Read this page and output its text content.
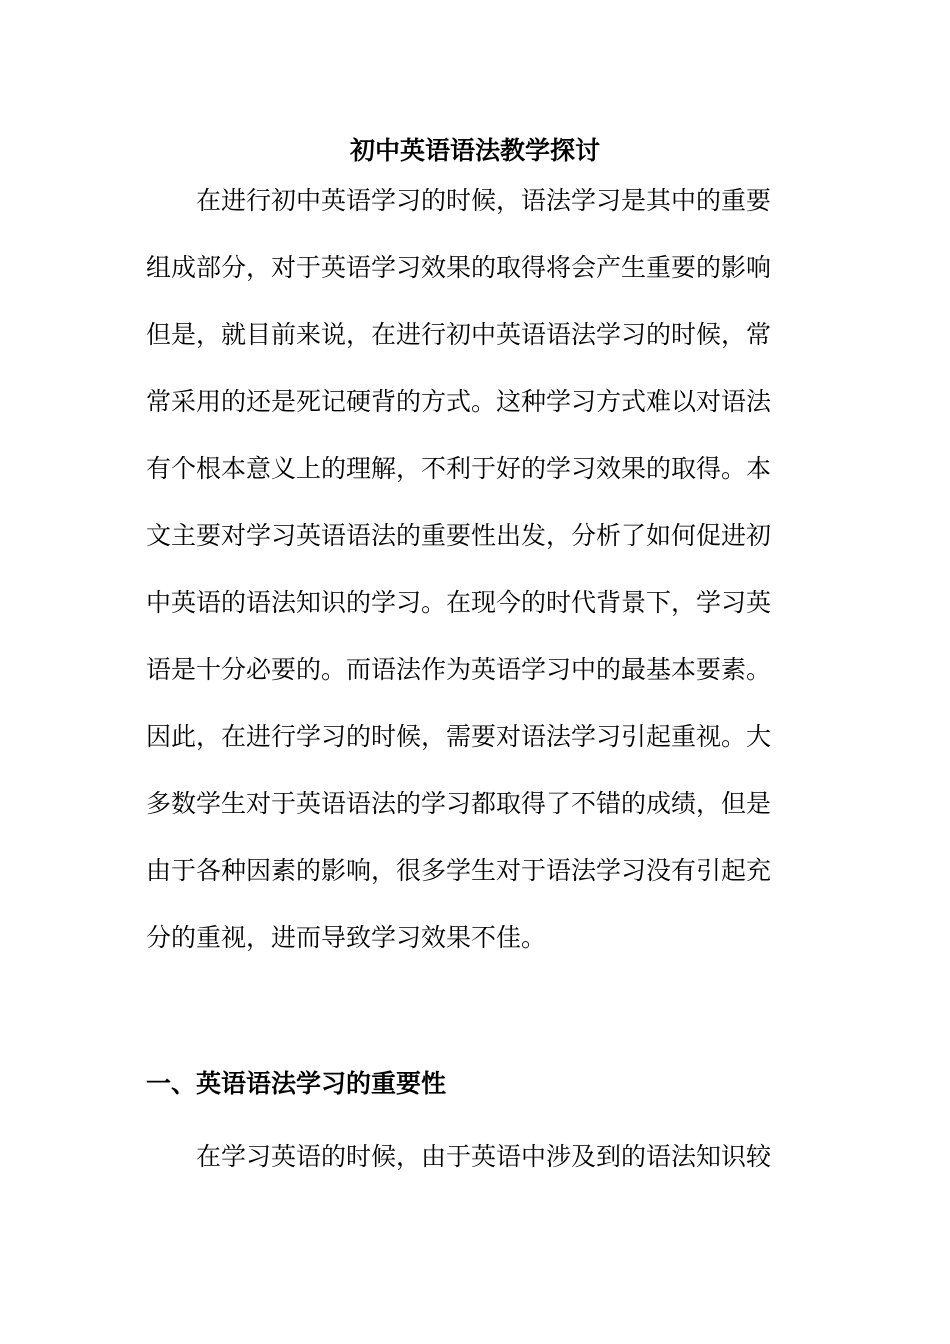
初中英语语法教学探讨
在进行初中英语学习的时候，语法学习是其中的重要
组成部分，对于英语学习效果的取得将会产生重要的影响
但是，就目前来说，在进行初中英语语法学习的时候，常
常采用的还是死记硬背的方式。这种学习方式难以对语法
有个根本意义上的理解，不利于好的学习效果的取得。本
文主要对学习英语语法的重要性出发，分析了如何促进初
中英语的语法知识的学习。在现今的时代背景下，学习英
语是十分必要的。而语法作为英语学习中的最基本要素。
因此，在进行学习的时候，需要对语法学习引起重视。大
多数学生对于英语语法的学习都取得了不错的成绩，但是
由于各种因素的影响，很多学生对于语法学习没有引起充
分的重视，进而导致学习效果不佳。
一、英语语法学习的重要性
在学习英语的时候，由于英语中涉及到的语法知识较
